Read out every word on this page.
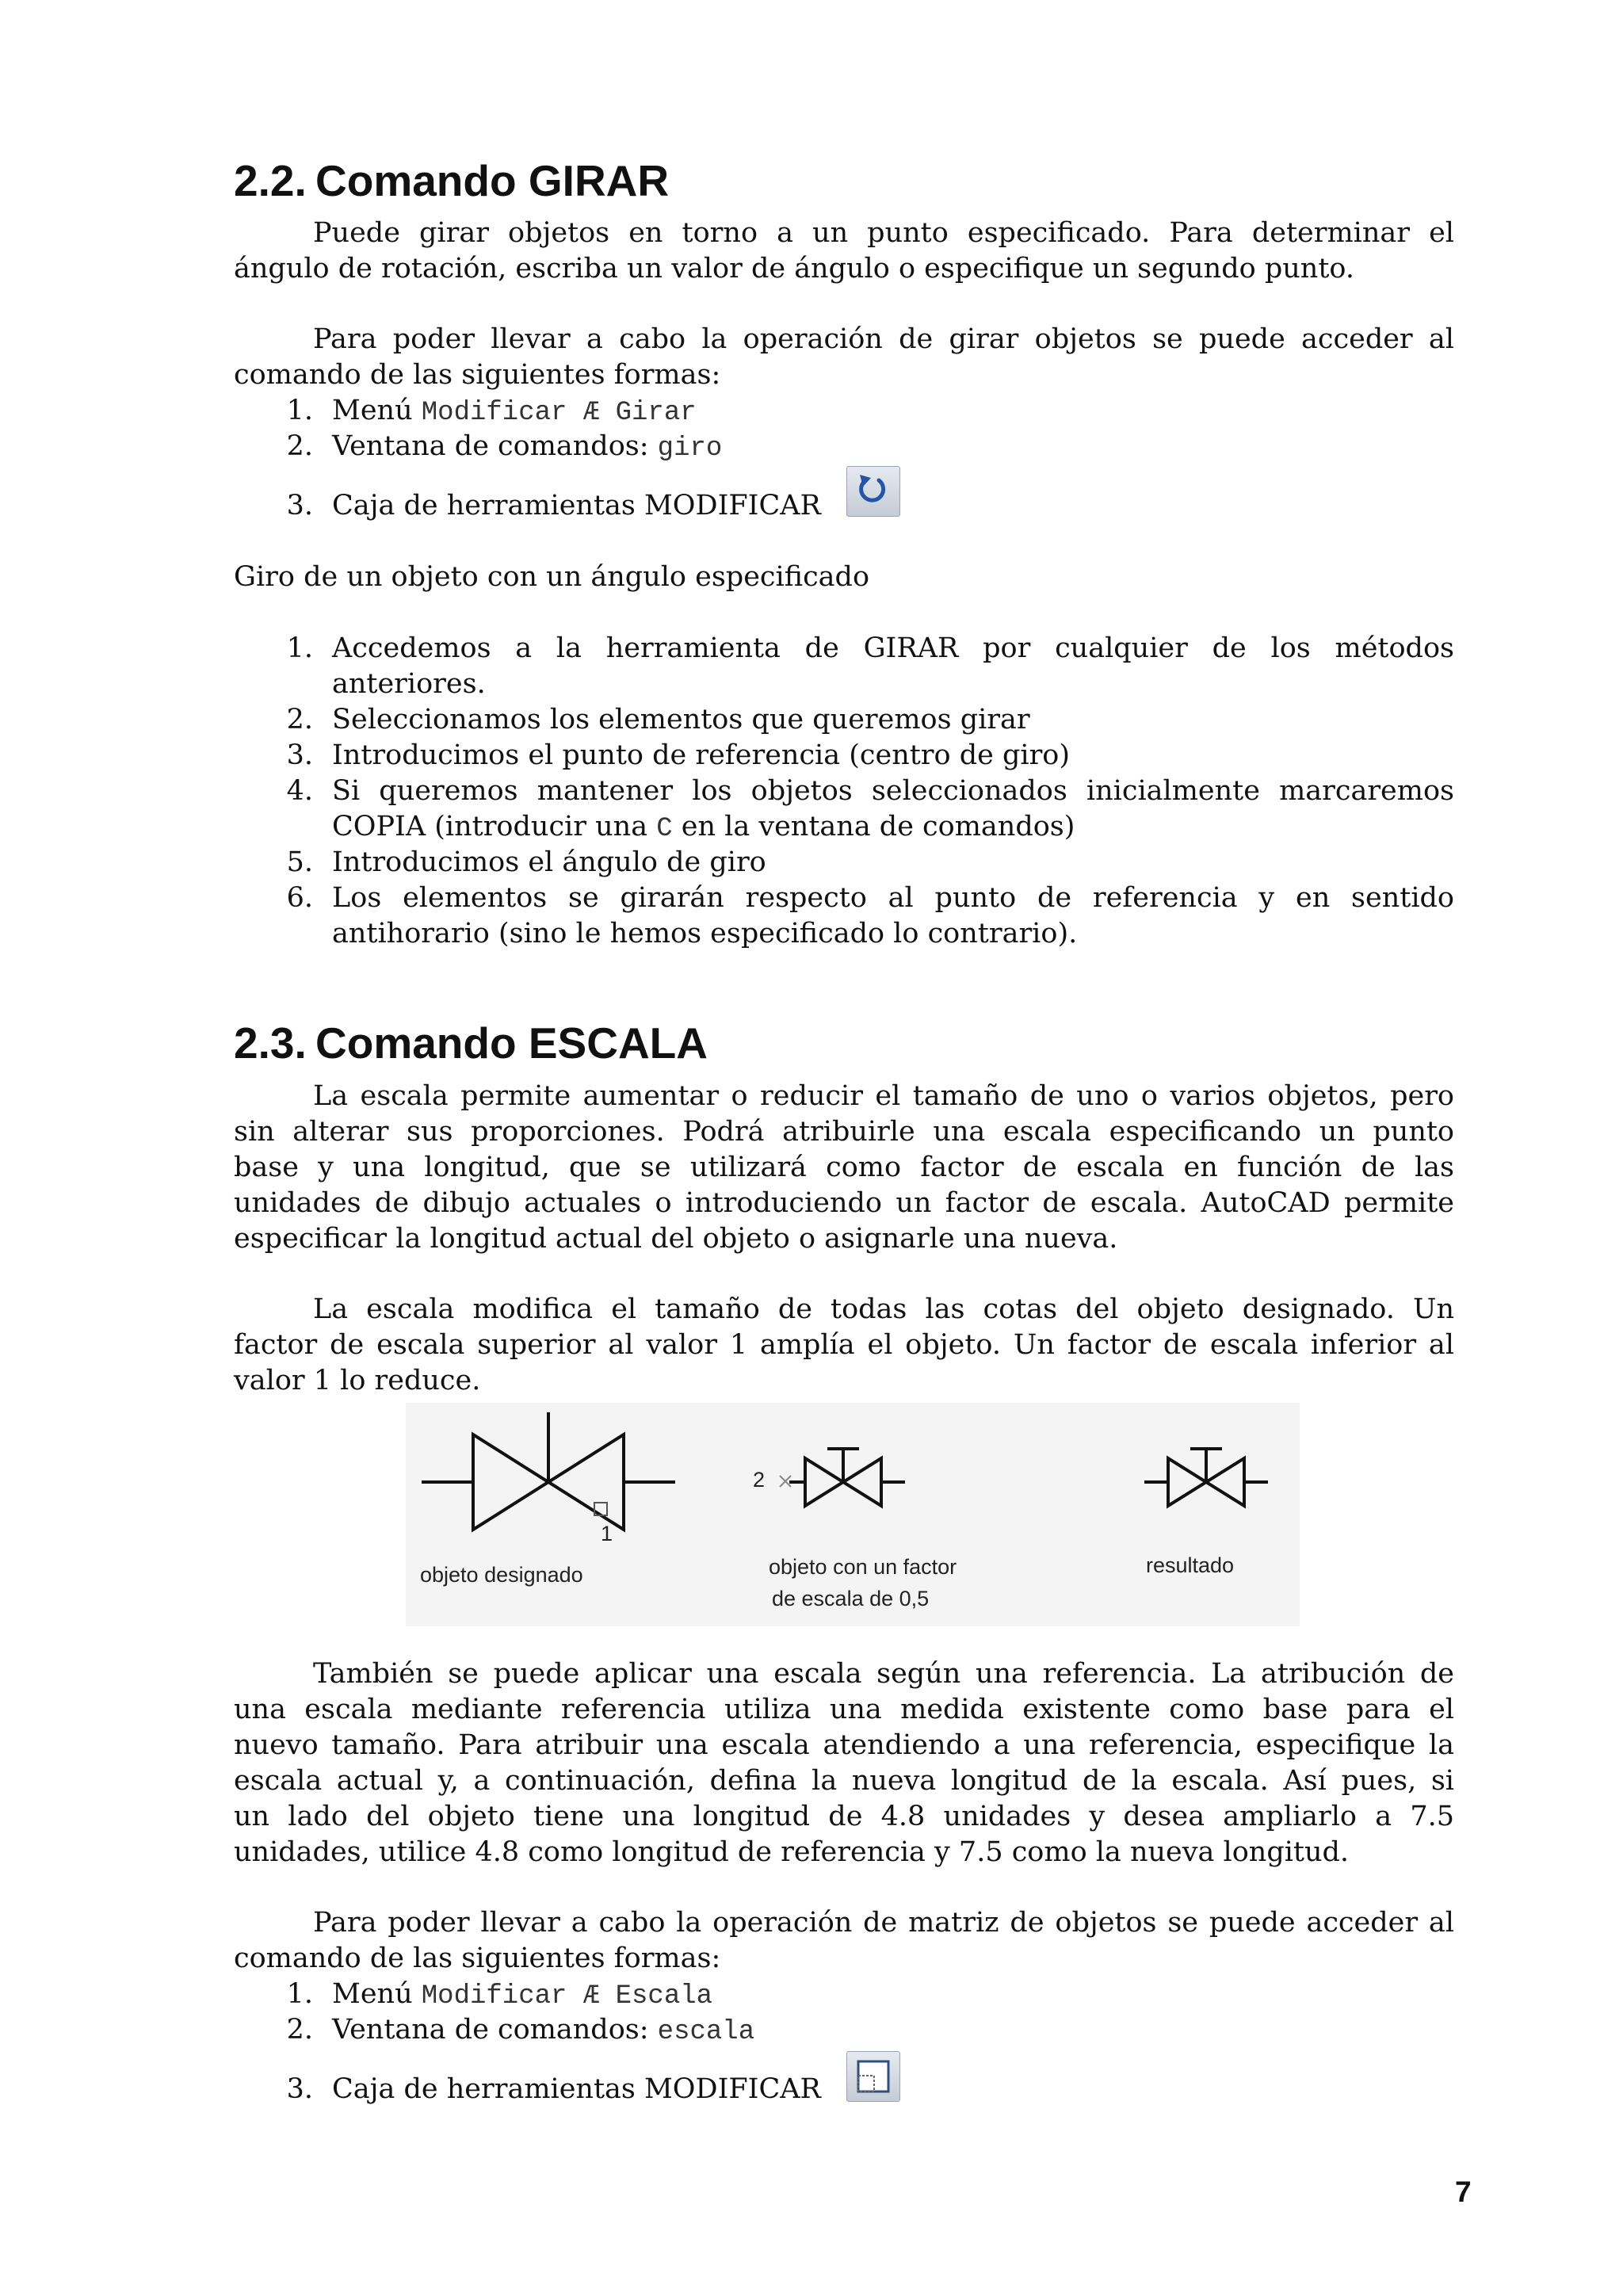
2.2. Comando GIRAR
Puede girar objetos en torno a un punto especificado. Para determinar el
ángulo de rotación, escriba un valor de ángulo o especifique un segundo punto.
Para poder llevar a cabo la operación de girar objetos se puede acceder al
comando de las siguientes formas:
1. Menú Modificar Æ Girar
2. Ventana de comandos: giro
3. Caja de herramientas MODIFICAR
Giro de un objeto con un ángulo especificado
1. Accedemos a la herramienta de GIRAR por cualquier de los métodos
anteriores.
2. Seleccionamos los elementos que queremos girar
3. Introducimos el punto de referencia (centro de giro)
4. Si queremos mantener los objetos seleccionados inicialmente marcaremos
COPIA (introducir una C en la ventana de comandos)
5. Introducimos el ángulo de giro
6. Los elementos se girarán respecto al punto de referencia y en sentido
antihorario (sino le hemos especificado lo contrario).
2.3. Comando ESCALA
La escala permite aumentar o reducir el tamaño de uno o varios objetos, pero
sin alterar sus proporciones. Podrá atribuirle una escala especificando un punto
base y una longitud, que se utilizará como factor de escala en función de las
unidades de dibujo actuales o introduciendo un factor de escala. AutoCAD permite
especificar la longitud actual del objeto o asignarle una nueva.
La escala modifica el tamaño de todas las cotas del objeto designado. Un
factor de escala superior al valor 1 amplía el objeto. Un factor de escala inferior al
valor 1 lo reduce.
1
2
objeto designado	objeto con un factor
de escala de 0,5
resultado
También se puede aplicar una escala según una referencia. La atribución de
una escala mediante referencia utiliza una medida existente como base para el
nuevo tamaño. Para atribuir una escala atendiendo a una referencia, especifique la
escala actual y, a continuación, defina la nueva longitud de la escala. Así pues, si
un lado del objeto tiene una longitud de 4.8 unidades y desea ampliarlo a 7.5
unidades, utilice 4.8 como longitud de referencia y 7.5 como la nueva longitud.
Para poder llevar a cabo la operación de matriz de objetos se puede acceder al
comando de las siguientes formas:
1. Menú Modificar Æ Escala
2. Ventana de comandos: escala
3. Caja de herramientas MODIFICAR
7
